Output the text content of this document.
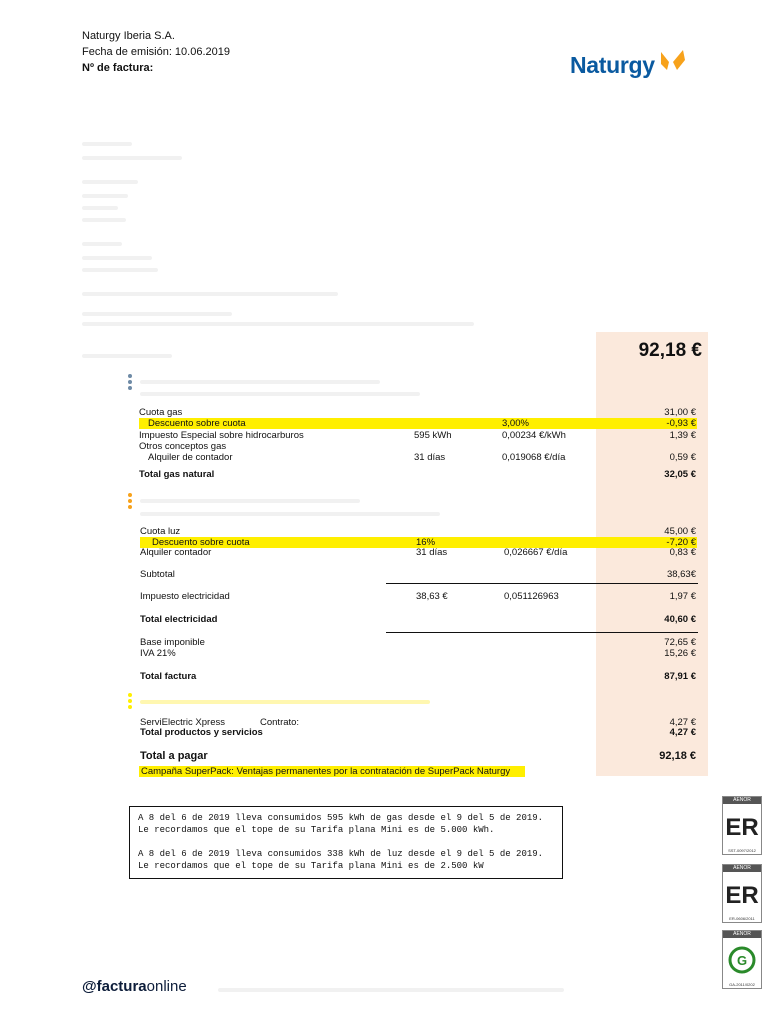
Naturgy Iberia S.A.
Fecha de emisión: 10.06.2019
Nº de factura:	Naturgy
92,18 €
Cuota gas	31,00 €
Descuento sobre cuota	3,00%	-0,93 €
Impuesto Especial sobre hidrocarburos	595 kWh	0,00234 €/kWh	1,39 €
Otros conceptos gas
Alquiler de contador	31 días	0,019068 €/día	0,59 €
Total gas natural	32,05 €
Cuota luz	45,00 €
Descuento sobre cuota	16%	-7,20 €
Alquiler contador	31 días	0,026667 €/día	0,83 €
Subtotal	38,63€
Impuesto electricidad	38,63 €	0,051126963	1,97 €
Total electricidad	40,60 €
Base imponible	72,65 €
IVA 21%	15,26 €
Total factura	87,91 €
ServiElectric Xpress	Contrato:	4,27 €
Total productos y servicios	4,27 €
Total a pagar	92,18 €
Campaña SuperPack: Ventajas permanentes por la contratación de SuperPack Naturgy
A 8 del 6 de 2019 lleva consumidos 595 kWh de gas desde el 9 del 5 de 2019.
Le recordamos que el tope de su Tarifa plana Mini es de 5.000 kWh.
A 8 del 6 de 2019 lleva consumidos 338 kWh de luz desde el 9 del 5 de 2019.
Le recordamos que el tope de su Tarifa plana Mini es de 2.500 kW
AENOR
ER
SST-0097/2012
AENOR
ER
ER-0606/2011
AENOR
G
GA-2011/0202
@facturaonline
